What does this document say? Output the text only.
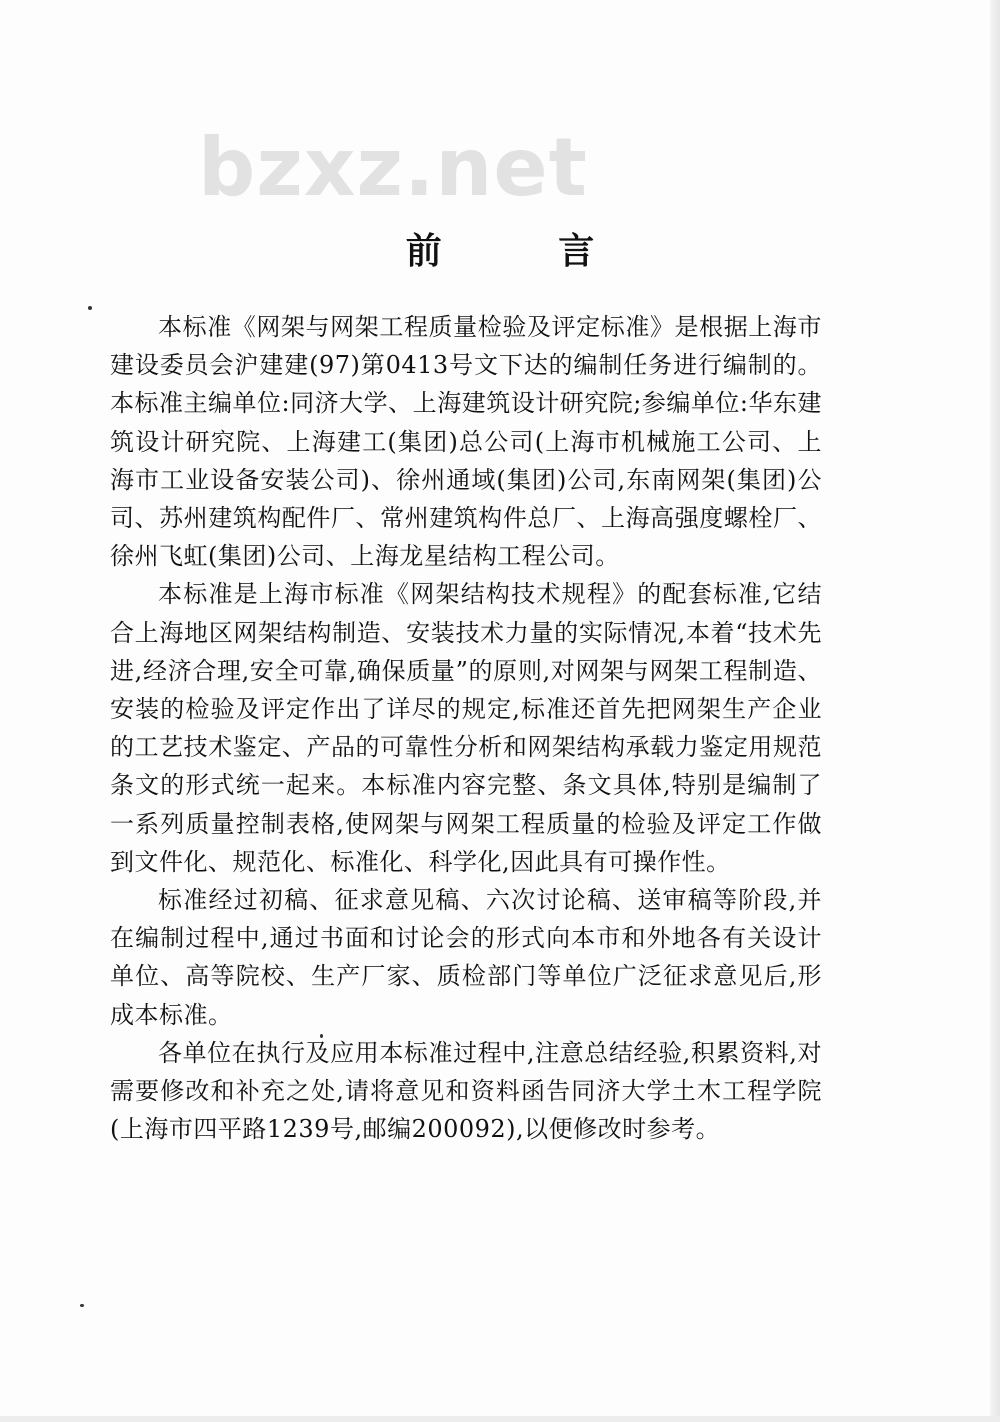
bzxz.net
前 言

本标准《网架与网架工程质量检验及评定标准》是根据上海市建设委员会沪建建(97)第0413号文下达的编制任务进行编制的。本标准主编单位:同济大学、上海建筑设计研究院;参编单位:华东建筑设计研究院、上海建工(集团)总公司(上海市机械施工公司、上海市工业设备安装公司)、徐州通域(集团)公司,东南网架(集团)公司、苏州建筑构配件厂、常州建筑构件总厂、上海高强度螺栓厂、徐州飞虹(集团)公司、上海龙星结构工程公司。

本标准是上海市标准《网架结构技术规程》的配套标准,它结合上海地区网架结构制造、安装技术力量的实际情况,本着“技术先进,经济合理,安全可靠,确保质量”的原则,对网架与网架工程制造、安装的检验及评定作出了详尽的规定,标准还首先把网架生产企业的工艺技术鉴定、产品的可靠性分析和网架结构承载力鉴定用规范条文的形式统一起来。本标准内容完整、条文具体,特别是编制了一系列质量控制表格,使网架与网架工程质量的检验及评定工作做到文件化、规范化、标准化、科学化,因此具有可操作性。

标准经过初稿、征求意见稿、六次讨论稿、送审稿等阶段,并在编制过程中,通过书面和讨论会的形式向本市和外地各有关设计单位、高等院校、生产厂家、质检部门等单位广泛征求意见后,形成本标准。

各单位在执行及应用本标准过程中,注意总结经验,积累资料,对需要修改和补充之处,请将意见和资料函告同济大学土木工程学院(上海市四平路1239号,邮编200092),以便修改时参考。
